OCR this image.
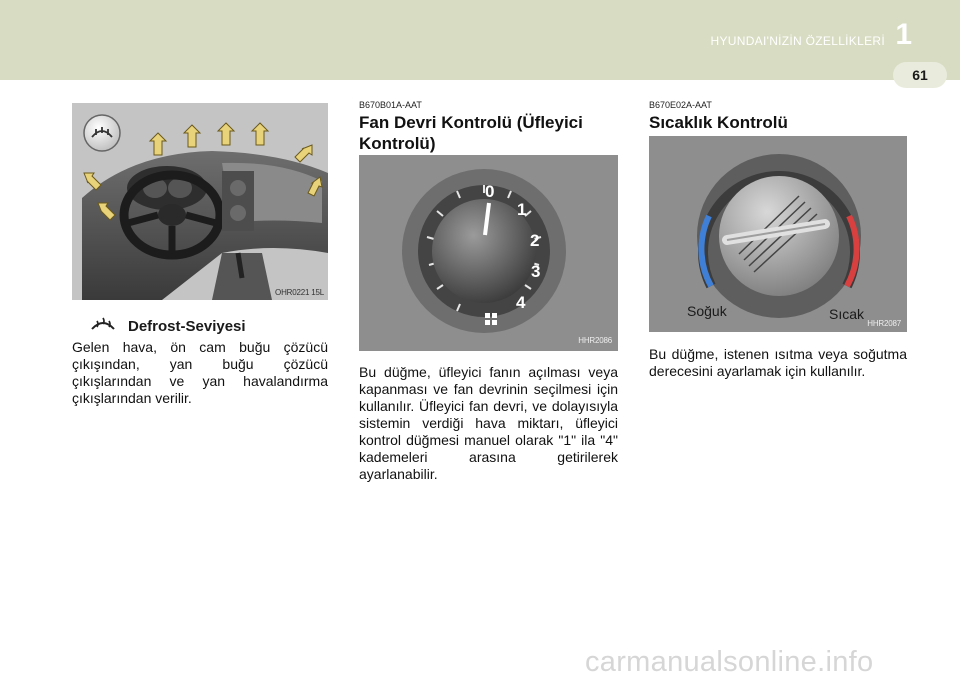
HYUNDAI'NİZİN ÖZELLİKLERİ 1
61
OHR0221 15L
Defrost-Seviyesi
Gelen hava, ön cam buğu çözücü çıkışından, yan buğu çözücü çıkışlarından ve yan havalandırma çıkışlarından verilir.
B670B01A-AAT
Fan Devri Kontrolü (Üfleyici Kontrolü)
0
1
2
3
4
HHR2086
Bu düğme, üfleyici fanın açılması veya kapanması ve fan devrinin seçilmesi için kullanılır. Üfleyici fan devri, ve dolayısıyla sistemin verdiği hava miktarı, üfleyici kontrol düğmesi manuel olarak "1" ila "4" kademeleri arasına getirilerek ayarlanabilir.
B670E02A-AAT
Sıcaklık Kontrolü
Soğuk	Sıcak
HHR2087
Bu düğme, istenen ısıtma veya soğutma derecesini ayarlamak için kullanılır.
carmanualsonline.info
